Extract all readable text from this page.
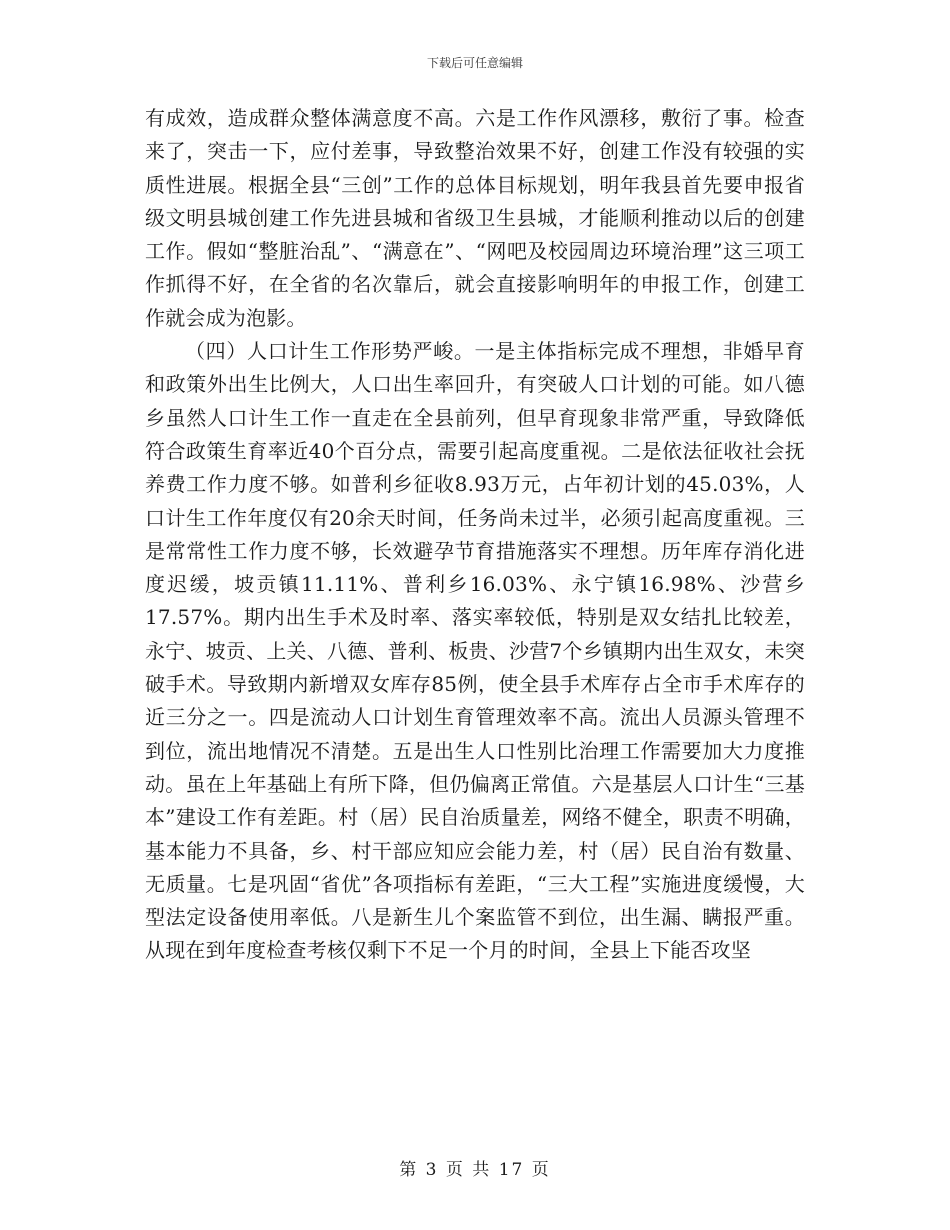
下载后可任意编辑

有成效，造成群众整体满意度不高。六是工作作风漂移，敷衍了事。检查来了，突击一下，应付差事，导致整治效果不好，创建工作没有较强的实质性进展。根据全县“三创”工作的总体目标规划，明年我县首先要申报省级文明县城创建工作先进县城和省级卫生县城，才能顺利推动以后的创建工作。假如“整脏治乱”、“满意在”、“网吧及校园周边环境治理”这三项工作抓得不好，在全省的名次靠后，就会直接影响明年的申报工作，创建工作就会成为泡影。

（四）人口计生工作形势严峻。一是主体指标完成不理想，非婚早育和政策外出生比例大，人口出生率回升，有突破人口计划的可能。如八德乡虽然人口计生工作一直走在全县前列，但早育现象非常严重，导致降低符合政策生育率近40个百分点，需要引起高度重视。二是依法征收社会抚养费工作力度不够。如普利乡征收8.93万元，占年初计划的45.03%，人口计生工作年度仅有20余天时间，任务尚未过半，必须引起高度重视。三是常常性工作力度不够，长效避孕节育措施落实不理想。历年库存消化进度迟缓，坡贡镇11.11%、普利乡16.03%、永宁镇16.98%、沙营乡17.57%。期内出生手术及时率、落实率较低，特别是双女结扎比较差，永宁、坡贡、上关、八德、普利、板贵、沙营7个乡镇期内出生双女，未突破手术。导致期内新增双女库存85例，使全县手术库存占全市手术库存的近三分之一。四是流动人口计划生育管理效率不高。流出人员源头管理不到位，流出地情况不清楚。五是出生人口性别比治理工作需要加大力度推动。虽在上年基础上有所下降，但仍偏离正常值。六是基层人口计生“三基本”建设工作有差距。村（居）民自治质量差，网络不健全，职责不明确，基本能力不具备，乡、村干部应知应会能力差，村（居）民自治有数量、无质量。七是巩固“省优”各项指标有差距，“三大工程”实施进度缓慢，大型法定设备使用率低。八是新生儿个案监管不到位，出生漏、瞒报严重。从现在到年度检查考核仅剩下不足一个月的时间，全县上下能否攻坚

第 3 页 共 17 页
